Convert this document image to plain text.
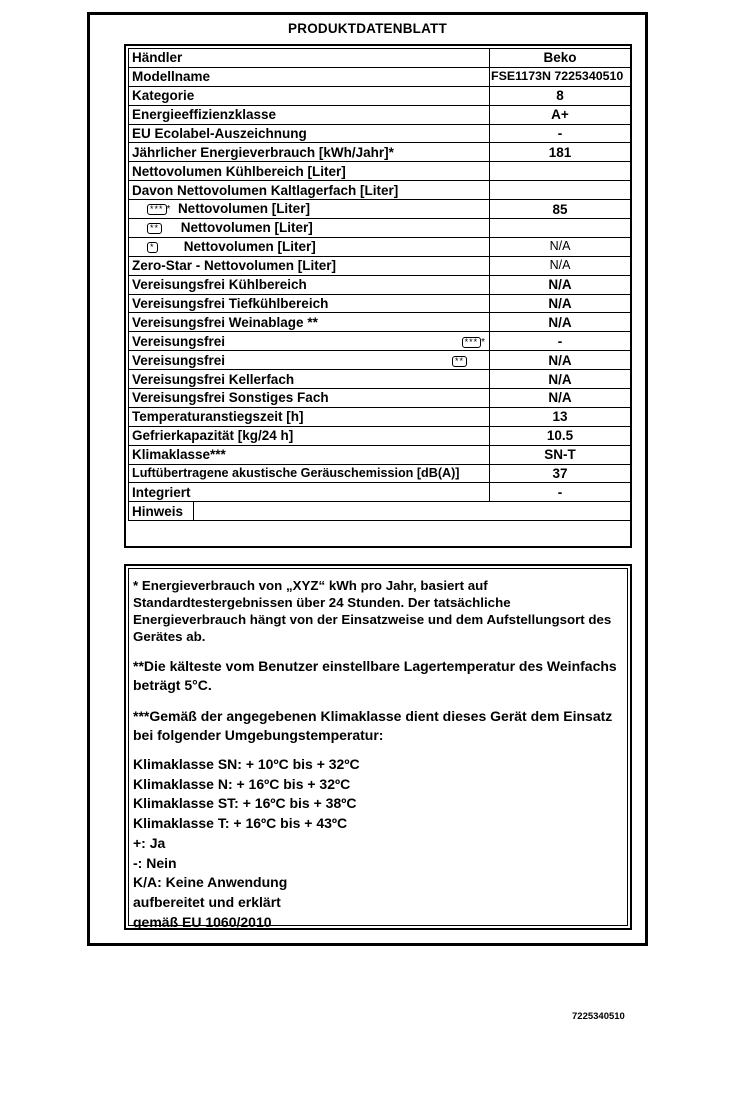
PRODUKTDATENBLATT
Händler	Beko
Modellname	FSE1173N 7225340510
Kategorie	8
Energieeffizienzklasse	A+
EU Ecolabel-Auszeichnung	-
Jährlicher Energieverbrauch [kWh/Jahr]*	181
Nettovolumen Kühlbereich [Liter]	
Davon Nettovolumen Kaltlagerfach [Liter]	
*** * Nettovolumen [Liter]	85
** Nettovolumen [Liter]	
* Nettovolumen [Liter]	N/A
Zero-Star - Nettovolumen [Liter]	N/A
Vereisungsfrei Kühlbereich	N/A
Vereisungsfrei Tiefkühlbereich	N/A
Vereisungsfrei Weinablage **	N/A
Vereisungsfrei *** *	-
Vereisungsfrei **	N/A
Vereisungsfrei Kellerfach	N/A
Vereisungsfrei Sonstiges Fach	N/A
Temperaturanstiegszeit [h]	13
Gefrierkapazität [kg/24 h]	10.5
Klimaklasse***	SN-T
Luftübertragene akustische Geräuschemission [dB(A)]	37
Integriert	-
Hinweis	

* Energieverbrauch von „XYZ“ kWh pro Jahr, basiert auf Standardtestergebnissen über 24 Stunden. Der tatsächliche Energieverbrauch hängt von der Einsatzweise und dem Aufstellungsort des Gerätes ab.

**Die kälteste vom Benutzer einstellbare Lagertemperatur des Weinfachs beträgt 5°C.

***Gemäß der angegebenen Klimaklasse dient dieses Gerät dem Einsatz bei folgender Umgebungstemperatur:

Klimaklasse SN: + 10ºC bis + 32ºC
Klimaklasse N: + 16ºC bis + 32ºC
Klimaklasse ST: + 16ºC bis + 38ºC
Klimaklasse T: + 16ºC bis + 43ºC
+: Ja
-: Nein
K/A: Keine Anwendung
aufbereitet und erklärt
gemäß EU 1060/2010
7225340510
